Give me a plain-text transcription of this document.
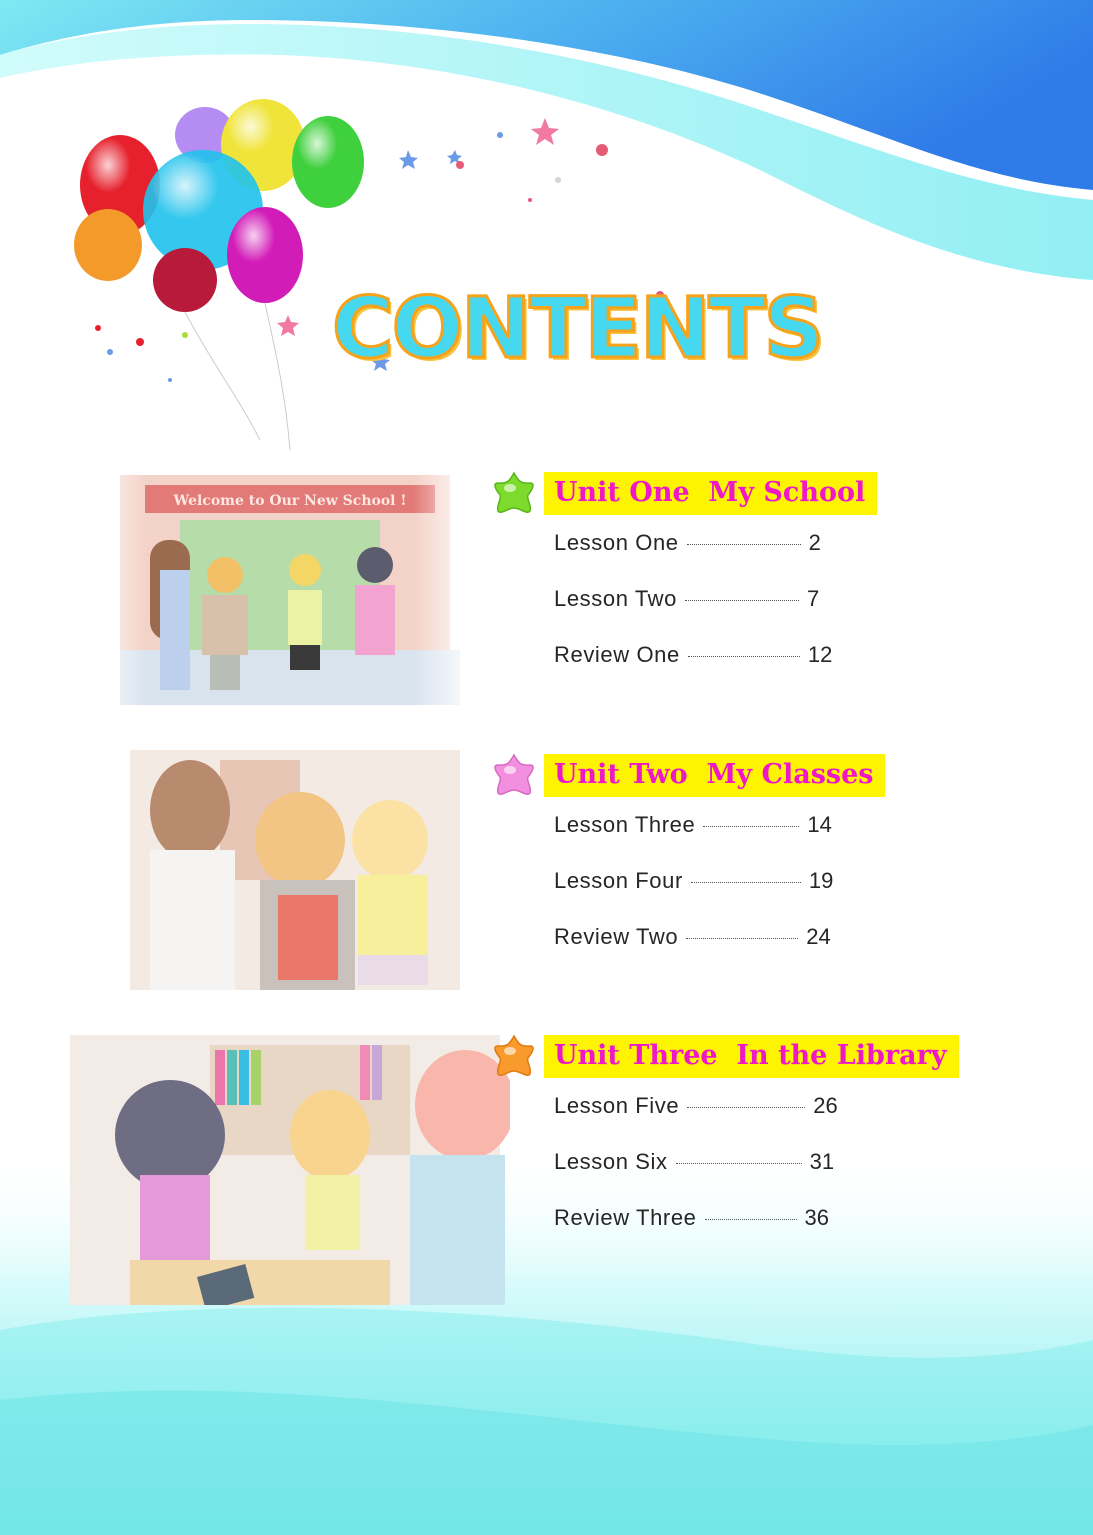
CONTENTS
Unit One  My School
Lesson One	2
Lesson Two	7
Review One	12
Unit Two  My Classes
Lesson Three	14
Lesson Four	19
Review Two	24
Unit Three  In the Library
Lesson Five	26
Lesson Six	31
Review Three	36
